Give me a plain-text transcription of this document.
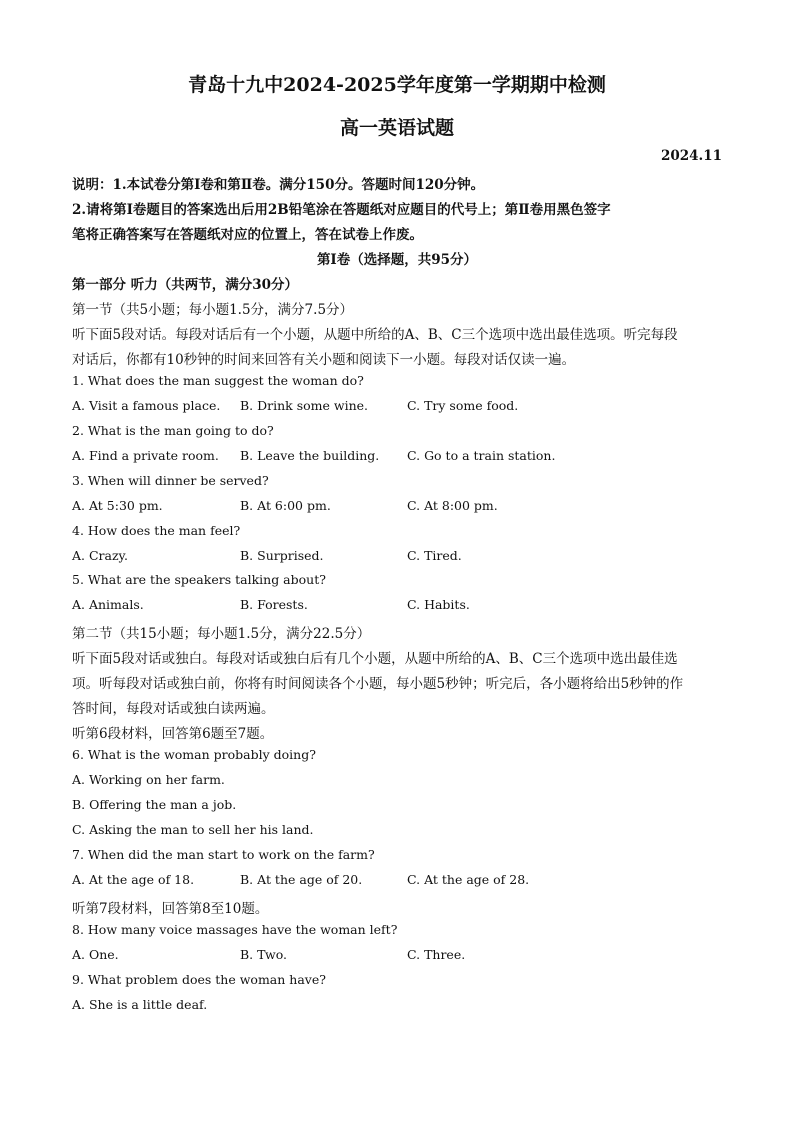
青岛十九中2024-2025学年度第一学期期中检测
高一英语试题
2024.11
说明：1.本试卷分第Ⅰ卷和第Ⅱ卷。满分150分。答题时间120分钟。
2.请将第Ⅰ卷题目的答案选出后用2B铅笔涂在答题纸对应题目的代号上；第Ⅱ卷用黑色签字
笔将正确答案写在答题纸对应的位置上，答在试卷上作废。
第Ⅰ卷（选择题，共95分）
第一部分 听力（共两节，满分30分）
第一节（共5小题；每小题1.5分，满分7.5分）
听下面5段对话。每段对话后有一个小题，从题中所给的A、B、C三个选项中选出最佳选项。听完每段
对话后，你都有10秒钟的时间来回答有关小题和阅读下一小题。每段对话仅读一遍。
1. What does the man suggest the woman do?
A. Visit a famous place. B. Drink some wine.	C. Try some food.
2. What is the man going to do?
A. Find a private room. B. Leave the building. C. Go to a train station.
3. When will dinner be served?
A. At 5:30 pm.	B. At 6:00 pm.	C. At 8:00 pm.
4. How does the man feel?
A. Crazy.	B. Surprised.	C. Tired.
5. What are the speakers talking about?
A. Animals.	B. Forests.	C. Habits.
第二节（共15小题；每小题1.5分，满分22.5分）
听下面5段对话或独白。每段对话或独白后有几个小题，从题中所给的A、B、C三个选项中选出最佳选
项。听每段对话或独白前，你将有时间阅读各个小题，每小题5秒钟；听完后，各小题将给出5秒钟的作
答时间，每段对话或独白读两遍。
听第6段材料，回答第6题至7题。
6. What is the woman probably doing?
A. Working on her farm.
B. Offering the man a job.
C. Asking the man to sell her his land.
7. When did the man start to work on the farm?
A. At the age of 18.	B. At the age of 20.	C. At the age of 28.
听第7段材料，回答第8至10题。
8. How many voice massages have the woman left?
A. One.	B. Two.	C. Three.
9. What problem does the woman have?
A. She is a little deaf.
